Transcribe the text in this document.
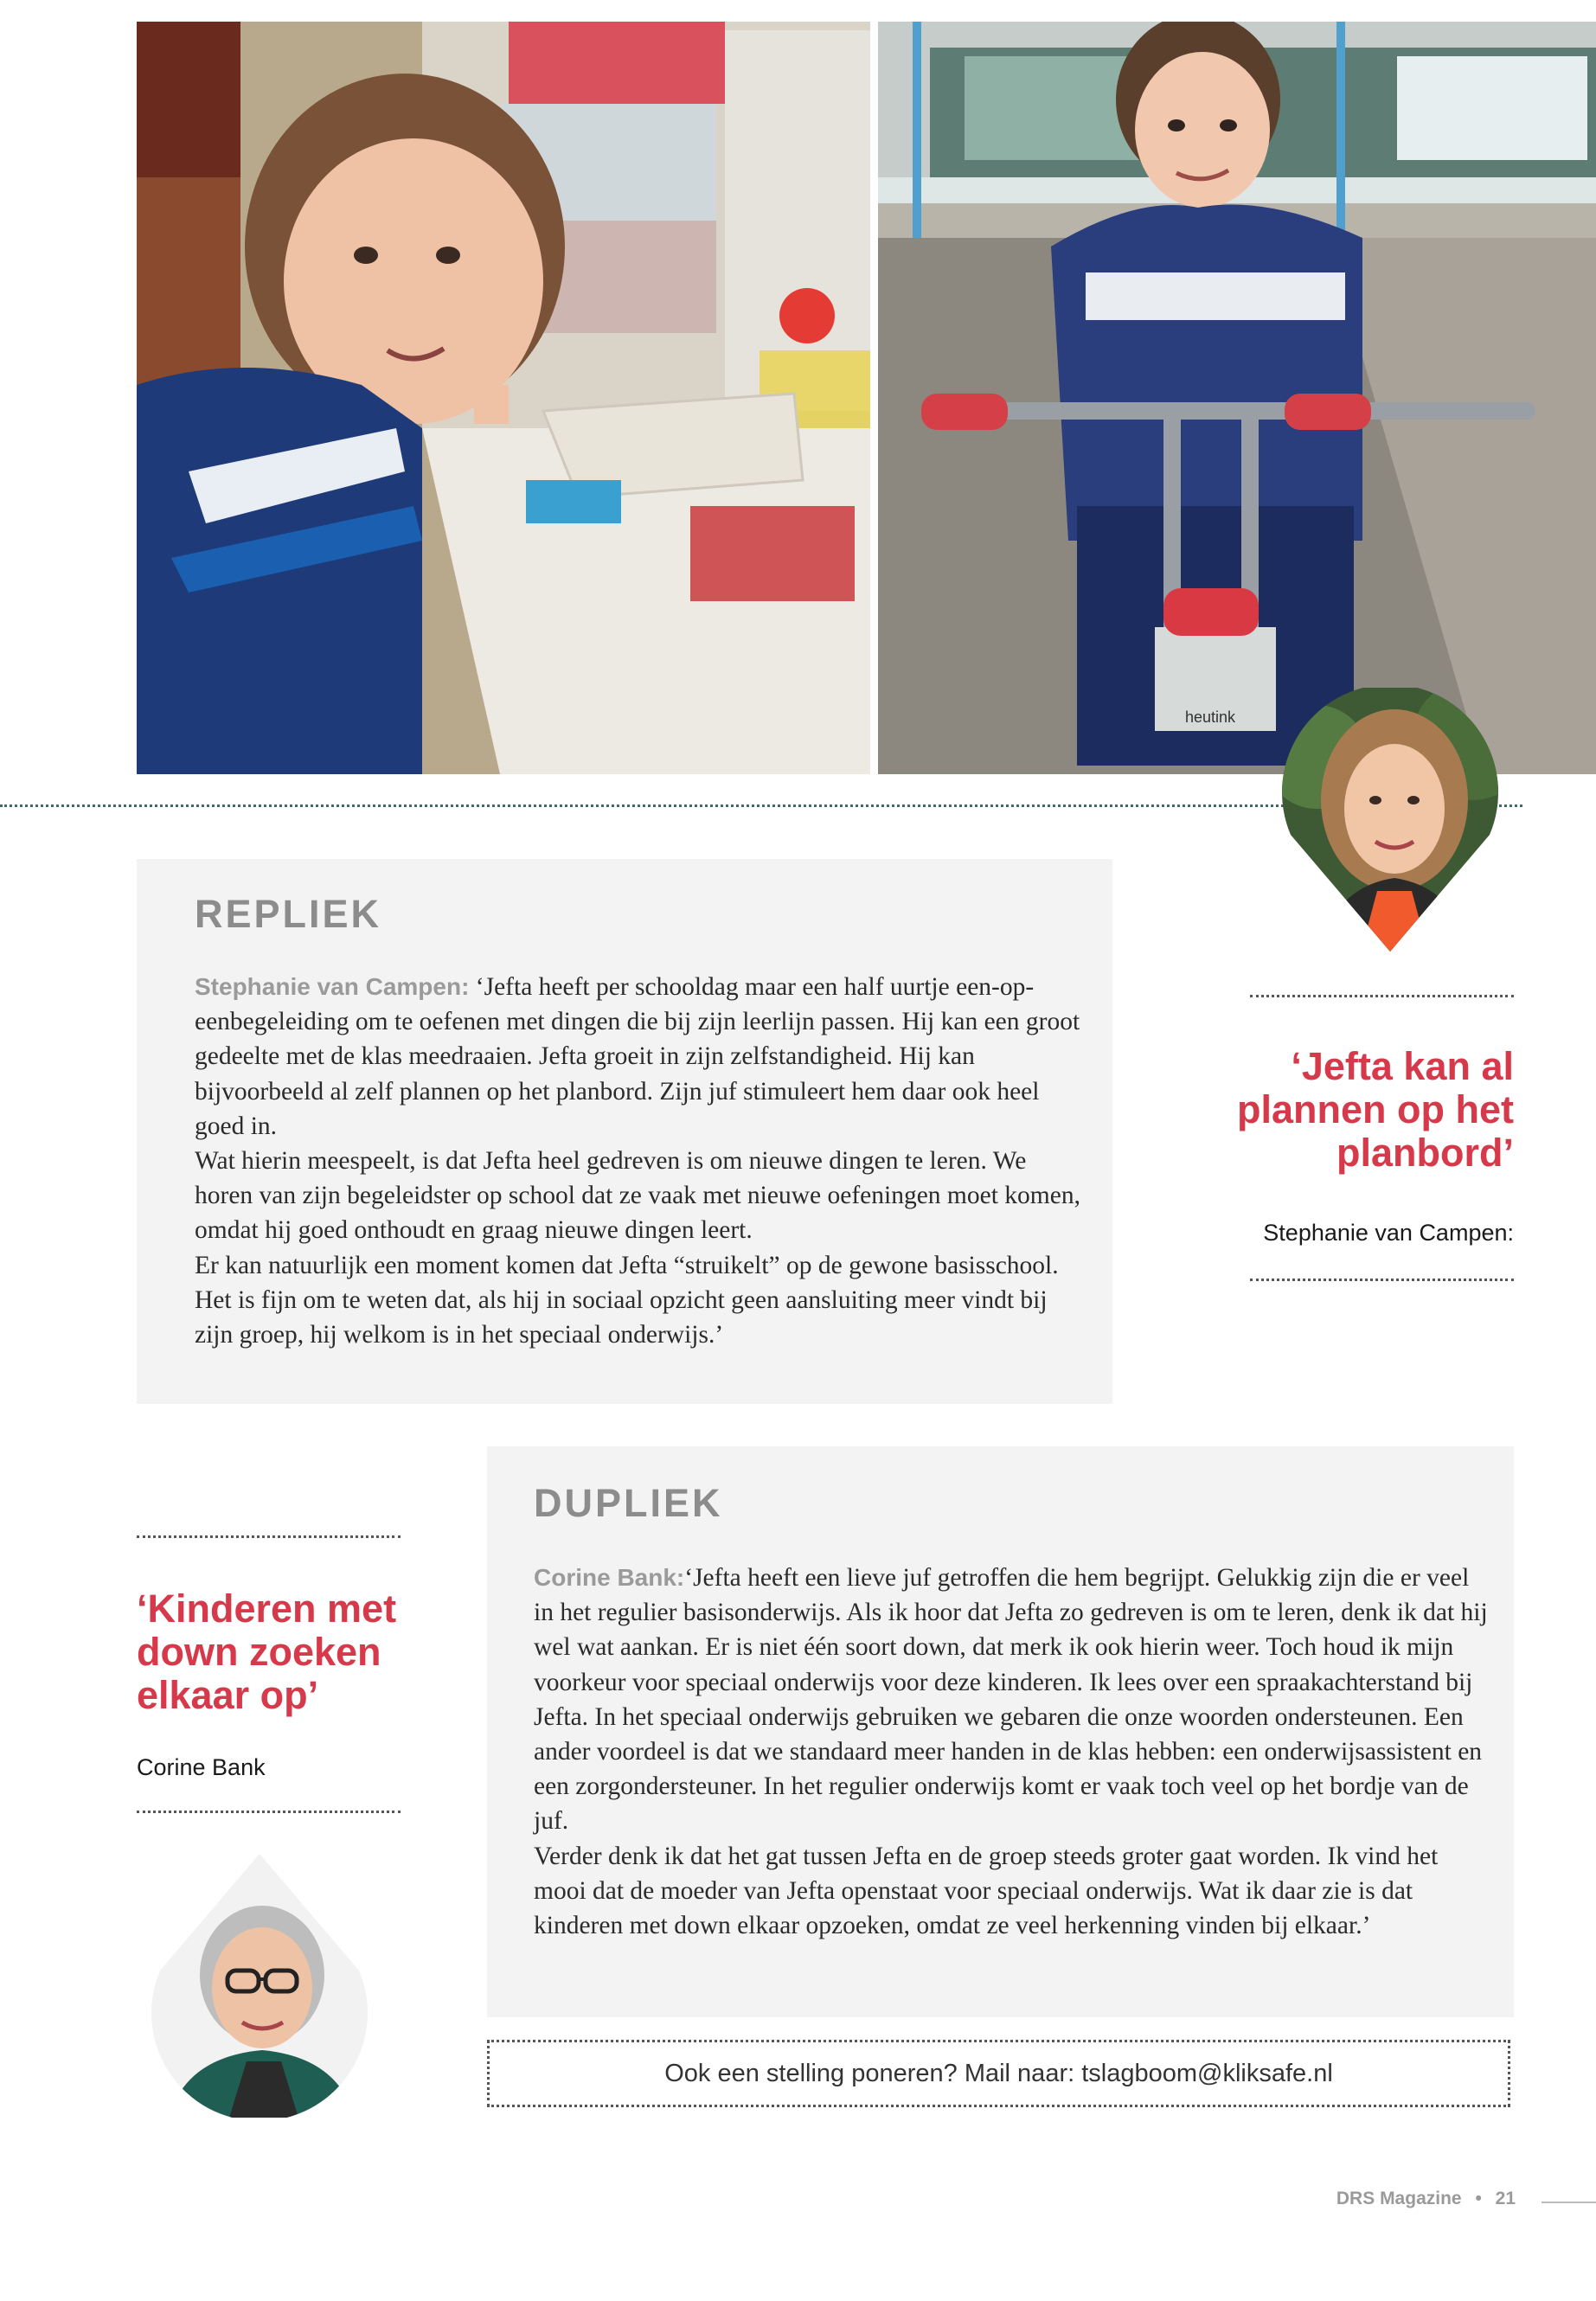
heutink
REPLIEK

Stephanie van Campen: ‘Jefta heeft per schooldag maar een half uurtje een-op-eenbegeleiding om te oefenen met dingen die bij zijn leerlijn passen. Hij kan een groot gedeelte met de klas meedraaien. Jefta groeit in zijn zelfstandigheid. Hij kan bijvoorbeeld al zelf plannen op het planbord. Zijn juf stimuleert hem daar ook heel goed in.

Wat hierin meespeelt, is dat Jefta heel gedreven is om nieuwe dingen te leren. We horen van zijn begeleidster op school dat ze vaak met nieuwe oefeningen moet komen, omdat hij goed onthoudt en graag nieuwe dingen leert.

Er kan natuurlijk een moment komen dat Jefta “struikelt” op de gewone basisschool. Het is fijn om te weten dat, als hij in sociaal opzicht geen aansluiting meer vindt bij zijn groep, hij welkom is in het speciaal onderwijs.’

‘Jefta kan al plannen op het planbord’

Stephanie van Campen:

‘Kinderen met down zoeken elkaar op’

Corine Bank

DUPLIEK

Corine Bank:‘Jefta heeft een lieve juf getroffen die hem begrijpt. Gelukkig zijn die er veel in het regulier basisonderwijs. Als ik hoor dat Jefta zo gedreven is om te leren, denk ik dat hij wel wat aankan. Er is niet één soort down, dat merk ik ook hierin weer. Toch houd ik mijn voorkeur voor speciaal onderwijs voor deze kinderen. Ik lees over een spraakachterstand bij Jefta. In het speciaal onderwijs gebruiken we gebaren die onze woorden ondersteunen. Een ander voordeel is dat we standaard meer handen in de klas hebben: een onderwijsassistent en een zorgondersteuner. In het regulier onderwijs komt er vaak toch veel op het bordje van de juf.

Verder denk ik dat het gat tussen Jefta en de groep steeds groter gaat worden. Ik vind het mooi dat de moeder van Jefta openstaat voor speciaal onderwijs. Wat ik daar zie is dat kinderen met down elkaar opzoeken, omdat ze veel herkenning vinden bij elkaar.’

Ook een stelling poneren? Mail naar: tslagboom@kliksafe.nl
DRS Magazine • 21
